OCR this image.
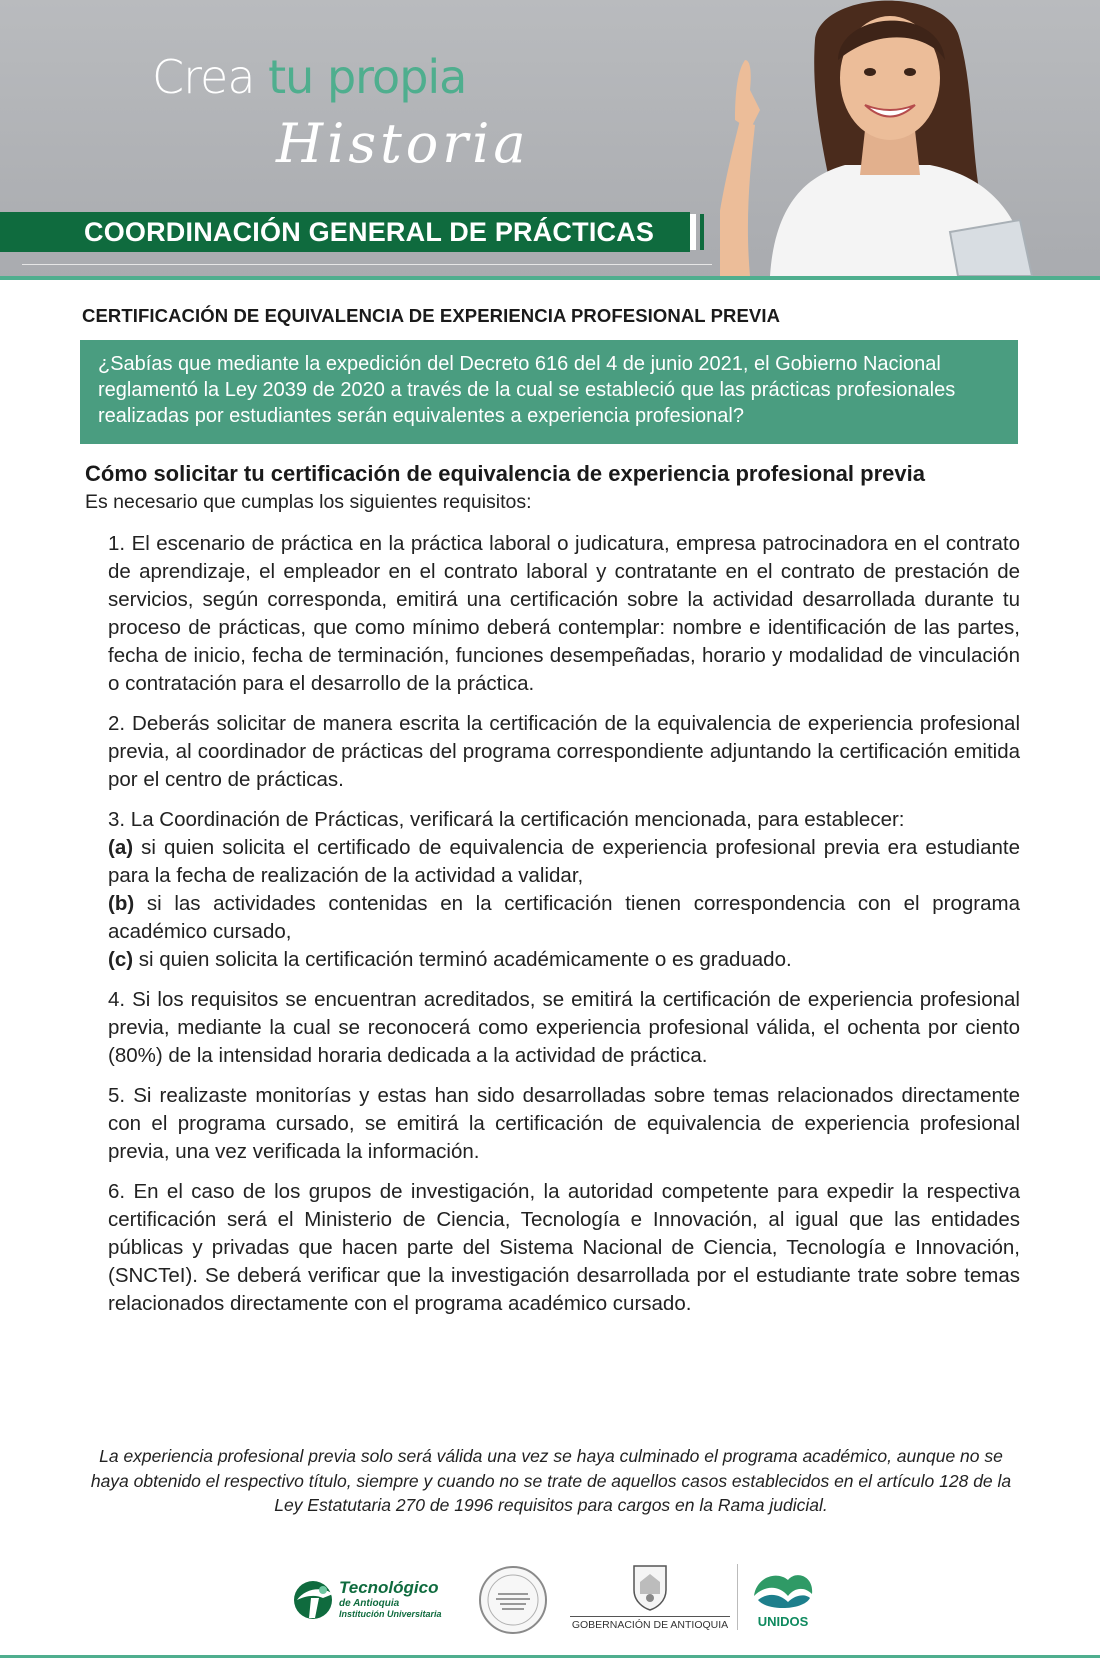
Crea tu propia
Historia
COORDINACIÓN GENERAL DE PRÁCTICAS
CERTIFICACIÓN DE EQUIVALENCIA DE EXPERIENCIA PROFESIONAL PREVIA
¿Sabías que mediante la expedición del Decreto 616 del 4 de junio 2021, el Gobierno Nacional reglamentó la Ley 2039 de 2020 a través de la cual se estableció que las prácticas profesionales realizadas por estudiantes serán equivalentes a experiencia profesional?
Cómo solicitar tu certificación de equivalencia de experiencia profesional previa
Es necesario que cumplas los siguientes requisitos:

1. El escenario de práctica en la práctica laboral o judicatura, empresa patrocinadora en el contrato de aprendizaje, el empleador en el contrato laboral y contratante en el contrato de prestación de servicios, según corresponda, emitirá una certificación sobre la actividad desarrollada durante tu proceso de prácticas, que como mínimo deberá contemplar: nombre e identificación de las partes, fecha de inicio, fecha de terminación, funciones desempeñadas, horario y modalidad de vinculación o contratación para el desarrollo de la práctica.

2. Deberás solicitar de manera escrita la certificación de la equivalencia de experiencia profesional previa, al coordinador de prácticas del programa correspondiente adjuntando la certificación emitida por el centro de prácticas.

3. La Coordinación de Prácticas, verificará la certificación mencionada, para establecer:

(a) si quien solicita el certificado de equivalencia de experiencia profesional previa era estudiante para la fecha de realización de la actividad a validar,
(b) si las actividades contenidas en la certificación tienen correspondencia con el programa académico cursado,
(c) si quien solicita la certificación terminó académicamente o es graduado.

4. Si los requisitos se encuentran acreditados, se emitirá la certificación de experiencia profesional previa, mediante la cual se reconocerá como experiencia profesional válida, el ochenta por ciento (80%) de la intensidad horaria dedicada a la actividad de práctica.

5. Si realizaste monitorías y estas han sido desarrolladas sobre temas relacionados directamente con el programa cursado, se emitirá la certificación de equivalencia de experiencia profesional previa, una vez verificada la información.

6. En el caso de los grupos de investigación, la autoridad competente para expedir la respectiva certificación será el Ministerio de Ciencia, Tecnología e Innovación, al igual que las entidades públicas y privadas que hacen parte del Sistema Nacional de Ciencia, Tecnología e Innovación, (SNCTeI). Se deberá verificar que la investigación desarrollada por el estudiante trate sobre temas relacionados directamente con el programa académico cursado.

La experiencia profesional previa solo será válida una vez se haya culminado el programa académico, aunque no se haya obtenido el respectivo título, siempre y cuando no se trate de aquellos casos establecidos en el artículo 128 de la Ley Estatutaria 270 de 1996 requisitos para cargos en la Rama judicial.
Tecnológico
de Antioquia
Institución Universitaria
GOBERNACIÓN DE ANTIOQUIA	UNIDOS
